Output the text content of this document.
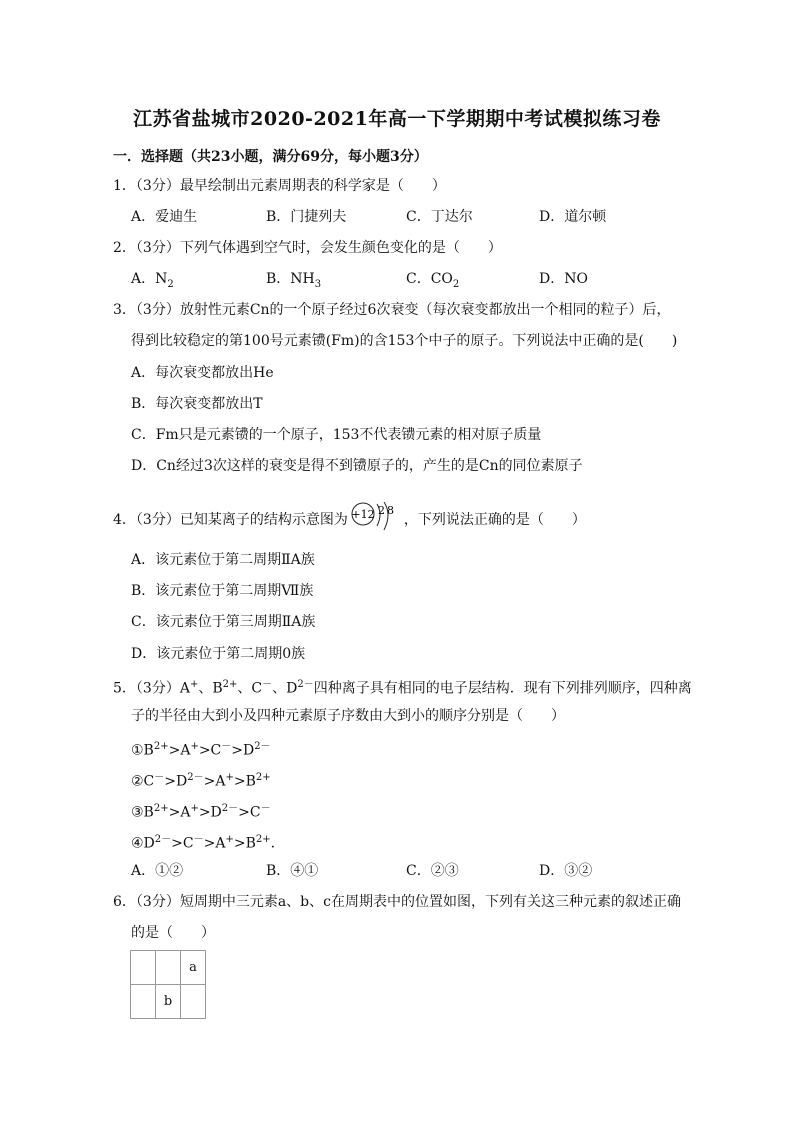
江苏省盐城市2020-2021年高一下学期期中考试模拟练习卷
一．选择题（共23小题，满分69分，每小题3分）
1．（3分）最早绘制出元素周期表的科学家是（　　）
A．爱迪生	B．门捷列夫	C．丁达尔	D．道尔顿
2．（3分）下列气体遇到空气时，会发生颜色变化的是（　　）
A．$N_2$	B．$NH_3$	C．$CO_2$	D．NO
3．（3分）放射性元素Cn的一个原子经过6次衰变（每次衰变都放出一个相同的粒子）后，
得到比较稳定的第100号元素镄(Fm)的含153个中子的原子。下列说法中正确的是(　　)
A．每次衰变都放出He
B．每次衰变都放出T
C．Fm只是元素镄的一个原子，153不代表镄元素的相对原子质量
D．Cn经过3次这样的衰变是得不到镄原子的，产生的是Cn的同位素原子
4．（3分）已知某离子的结构示意图为 +12 2 8
，下列说法正确的是（　　）
A．该元素位于第二周期ⅡA族
B．该元素位于第二周期Ⅶ族
C．该元素位于第三周期ⅡA族
D．该元素位于第二周期0族
5．（3分）A+、$B^{2+}$、C－、$D^{2-}$四种离子具有相同的电子层结构．现有下列排列顺序，四种离
子的半径由大到小及四种元素原子序数由大到小的顺序分别是（　　）
$①B^{2+}>A^+>C^->D^{2-}$
$②C^->D^{2-}>A^+>B^{2+}$
$③B^{2+}>A^+>D^{2-}>C^-$
$④D^{2-}>C^->A^+>B^{2+}$.
A．①②	B．④①	C．②③	D．③②
6．（3分）短周期中三元素a、b、c在周期表中的位置如图，下列有关这三种元素的叙述正确
的是（　　）
		a
	b	
